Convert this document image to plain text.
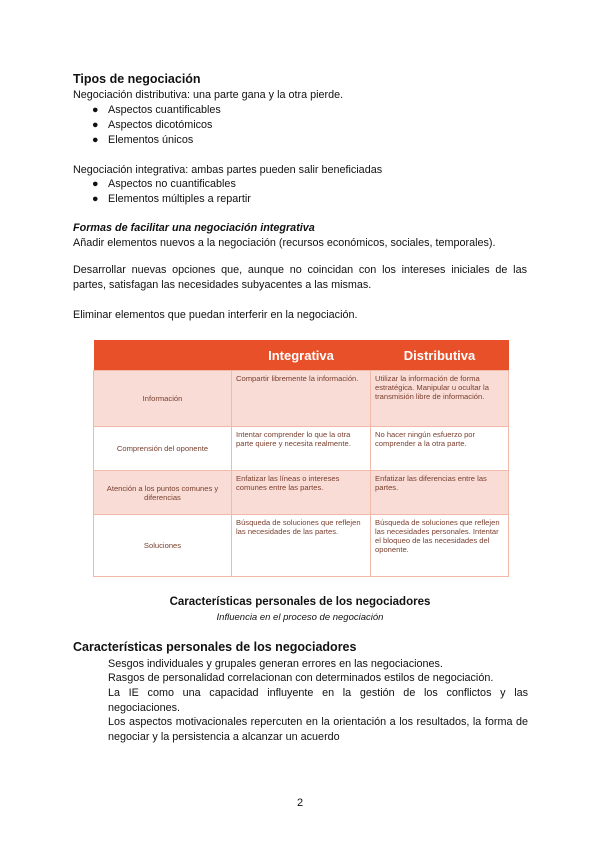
Tipos de negociación
Negociación distributiva: una parte gana y la otra pierde.
● Aspectos cuantificables
● Aspectos dicotómicos
● Elementos únicos
Negociación integrativa: ambas partes pueden salir beneficiadas
● Aspectos no cuantificables
● Elementos múltiples a repartir
Formas de facilitar una negociación integrativa
Añadir elementos nuevos a la negociación (recursos económicos, sociales, temporales).
Desarrollar nuevas opciones que, aunque no coincidan con los intereses iniciales de las partes, satisfagan las necesidades subyacentes a las mismas.
Eliminar elementos que puedan interferir en la negociación.
	Integrativa	Distributiva
Información	Compartir libremente la información.	Utilizar la información de forma estratégica. Manipular u ocultar la transmisión libre de información.
Comprensión del oponente	Intentar comprender lo que la otra parte quiere y necesita realmente.	No hacer ningún esfuerzo por comprender a la otra parte.
Atención a los puntos comunes y diferencias	Enfatizar las líneas o intereses comunes entre las partes.	Enfatizar las diferencias entre las partes.
Soluciones	Búsqueda de soluciones que reflejen las necesidades de las partes.	Búsqueda de soluciones que reflejen las necesidades personales. Intentar el bloqueo de las necesidades del oponente.
Características personales de los negociadores
Influencia en el proceso de negociación
Características personales de los negociadores
Sesgos individuales y grupales generan errores en las negociaciones.
Rasgos de personalidad correlacionan con determinados estilos de negociación.
La IE como una capacidad influyente en la gestión de los conflictos y las negociaciones.
Los aspectos motivacionales repercuten en la orientación a los resultados, la forma de negociar y la persistencia a alcanzar un acuerdo
2
